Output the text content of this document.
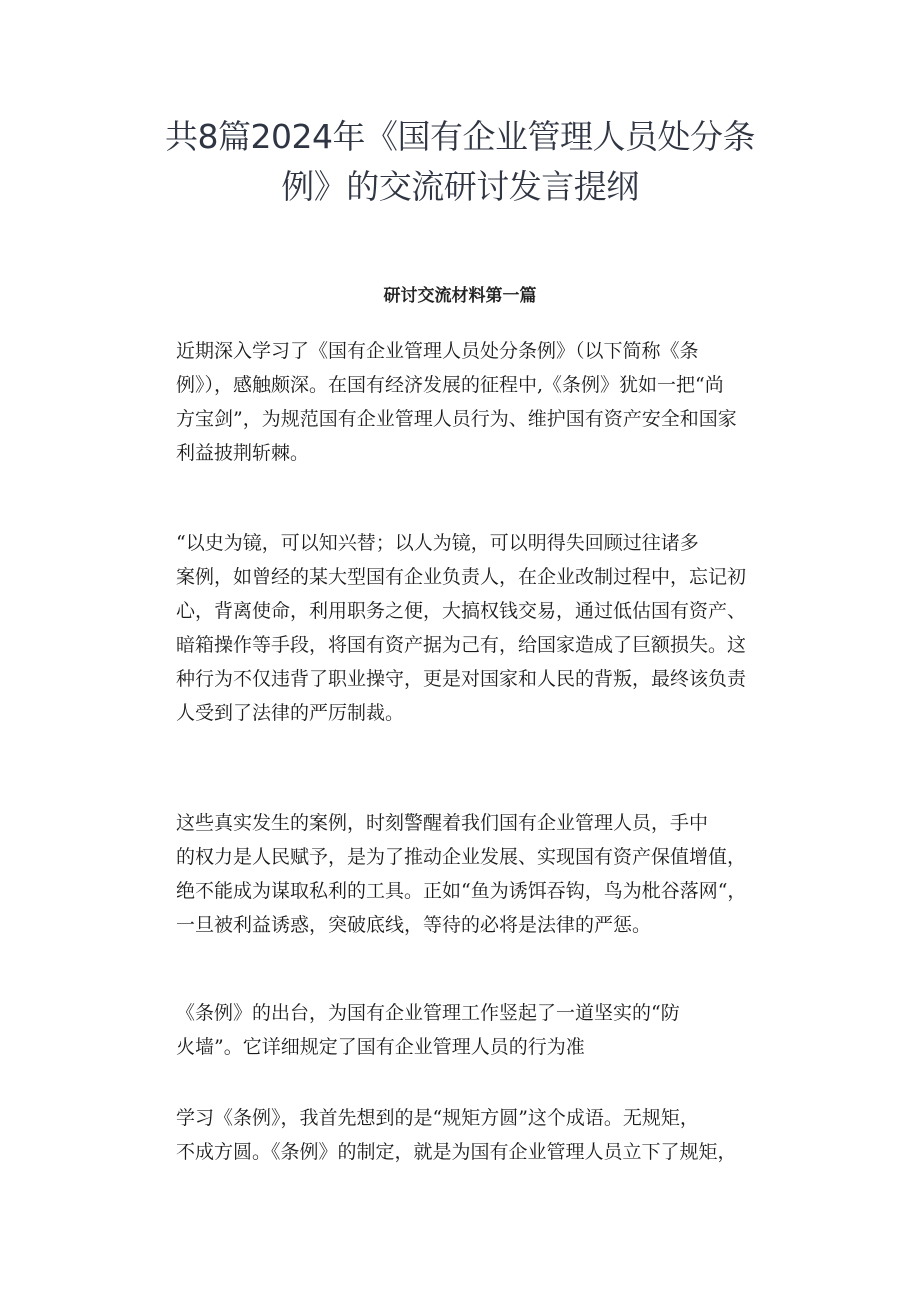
共8篇2024年《国有企业管理人员处分条
例》的交流研讨发言提纲
研讨交流材料第一篇

近期深入学习了《国有企业管理人员处分条例》（以下简称《条
例》），感触颇深。在国有经济发展的征程中,《条例》犹如一把“尚
方宝剑”，为规范国有企业管理人员行为、维护国有资产安全和国家
利益披荆斩棘。

“以史为镜，可以知兴替；以人为镜，可以明得失回顾过往诸多
案例，如曾经的某大型国有企业负责人，在企业改制过程中，忘记初
心，背离使命，利用职务之便，大搞权钱交易，通过低估国有资产、
暗箱操作等手段，将国有资产据为己有，给国家造成了巨额损失。这
种行为不仅违背了职业操守，更是对国家和人民的背叛，最终该负责
人受到了法律的严厉制裁。

这些真实发生的案例，时刻警醒着我们国有企业管理人员，手中
的权力是人民赋予，是为了推动企业发展、实现国有资产保值增值，
绝不能成为谋取私利的工具。正如“鱼为诱饵吞钩，鸟为枇谷落网“，
一旦被利益诱惑，突破底线，等待的必将是法律的严惩。

《条例》的出台，为国有企业管理工作竖起了一道坚实的“防
火墙”。它详细规定了国有企业管理人员的行为准

学习《条例》，我首先想到的是“规矩方圆”这个成语。无规矩，
不成方圆。《条例》的制定，就是为国有企业管理人员立下了规矩，
